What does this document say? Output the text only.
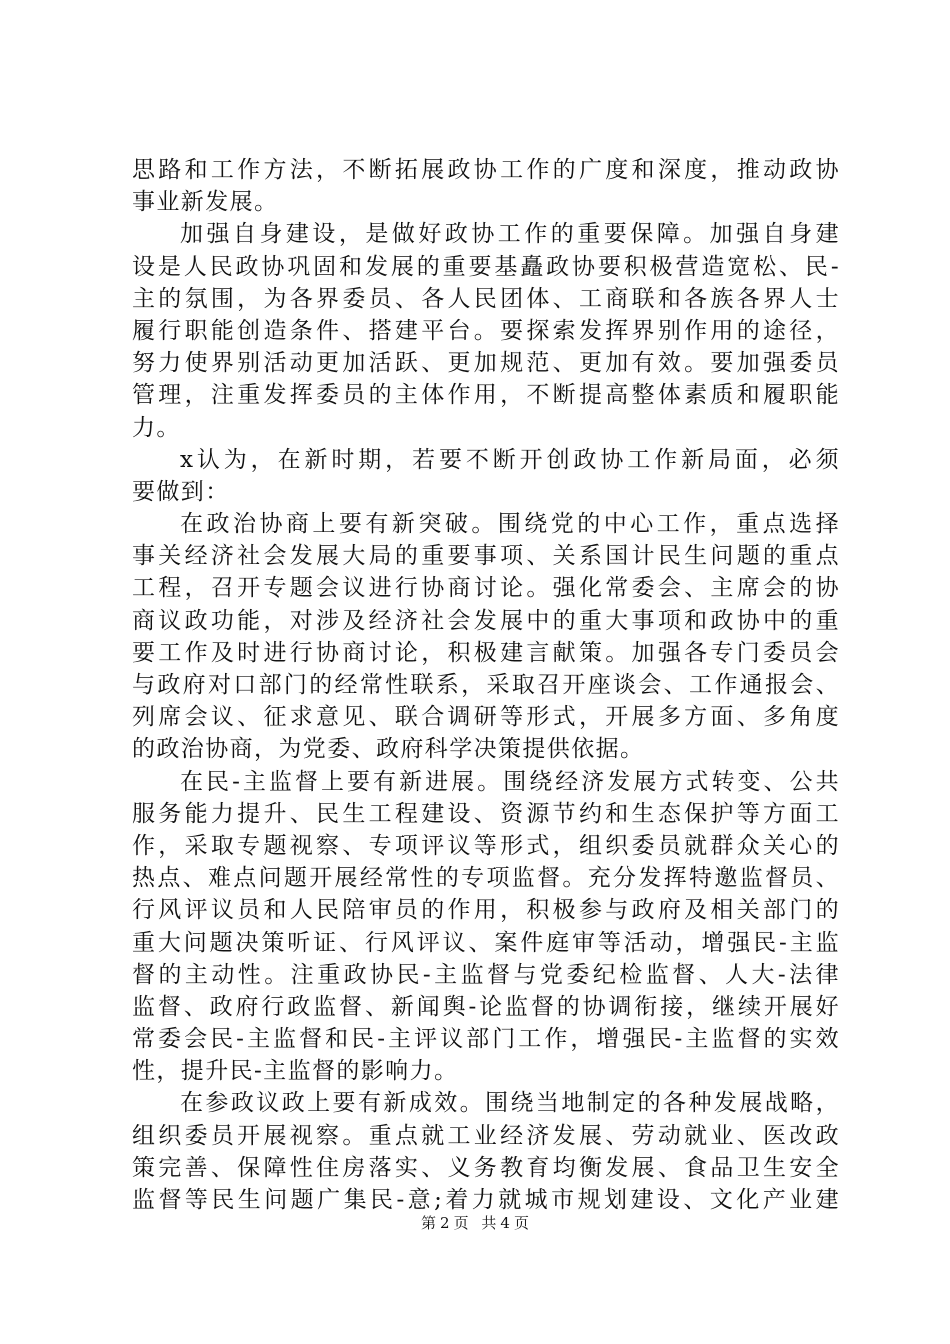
思路和工作方法，不断拓展政协工作的广度和深度，推动政协
事业新发展。
加强自身建设，是做好政协工作的重要保障。加强自身建
设是人民政协巩固和发展的重要基矗政协要积极营造宽松、民-
主的氛围，为各界委员、各人民团体、工商联和各族各界人士
履行职能创造条件、搭建平台。要探索发挥界别作用的途径，
努力使界别活动更加活跃、更加规范、更加有效。要加强委员
管理，注重发挥委员的主体作用，不断提高整体素质和履职能
力。
x认为，在新时期，若要不断开创政协工作新局面，必须
要做到：
在政治协商上要有新突破。围绕党的中心工作，重点选择
事关经济社会发展大局的重要事项、关系国计民生问题的重点
工程，召开专题会议进行协商讨论。强化常委会、主席会的协
商议政功能，对涉及经济社会发展中的重大事项和政协中的重
要工作及时进行协商讨论，积极建言献策。加强各专门委员会
与政府对口部门的经常性联系，采取召开座谈会、工作通报会、
列席会议、征求意见、联合调研等形式，开展多方面、多角度
的政治协商，为党委、政府科学决策提供依据。
在民-主监督上要有新进展。围绕经济发展方式转变、公共
服务能力提升、民生工程建设、资源节约和生态保护等方面工
作，采取专题视察、专项评议等形式，组织委员就群众关心的
热点、难点问题开展经常性的专项监督。充分发挥特邀监督员、
行风评议员和人民陪审员的作用，积极参与政府及相关部门的
重大问题决策听证、行风评议、案件庭审等活动，增强民-主监
督的主动性。注重政协民-主监督与党委纪检监督、人大-法律
监督、政府行政监督、新闻舆-论监督的协调衔接，继续开展好
常委会民-主监督和民-主评议部门工作，增强民-主监督的实效
性，提升民-主监督的影响力。
在参政议政上要有新成效。围绕当地制定的各种发展战略，
组织委员开展视察。重点就工业经济发展、劳动就业、医改政
策完善、保障性住房落实、义务教育均衡发展、食品卫生安全
监督等民生问题广集民-意;着力就城市规划建设、文化产业建
第 2 页 共 4 页
